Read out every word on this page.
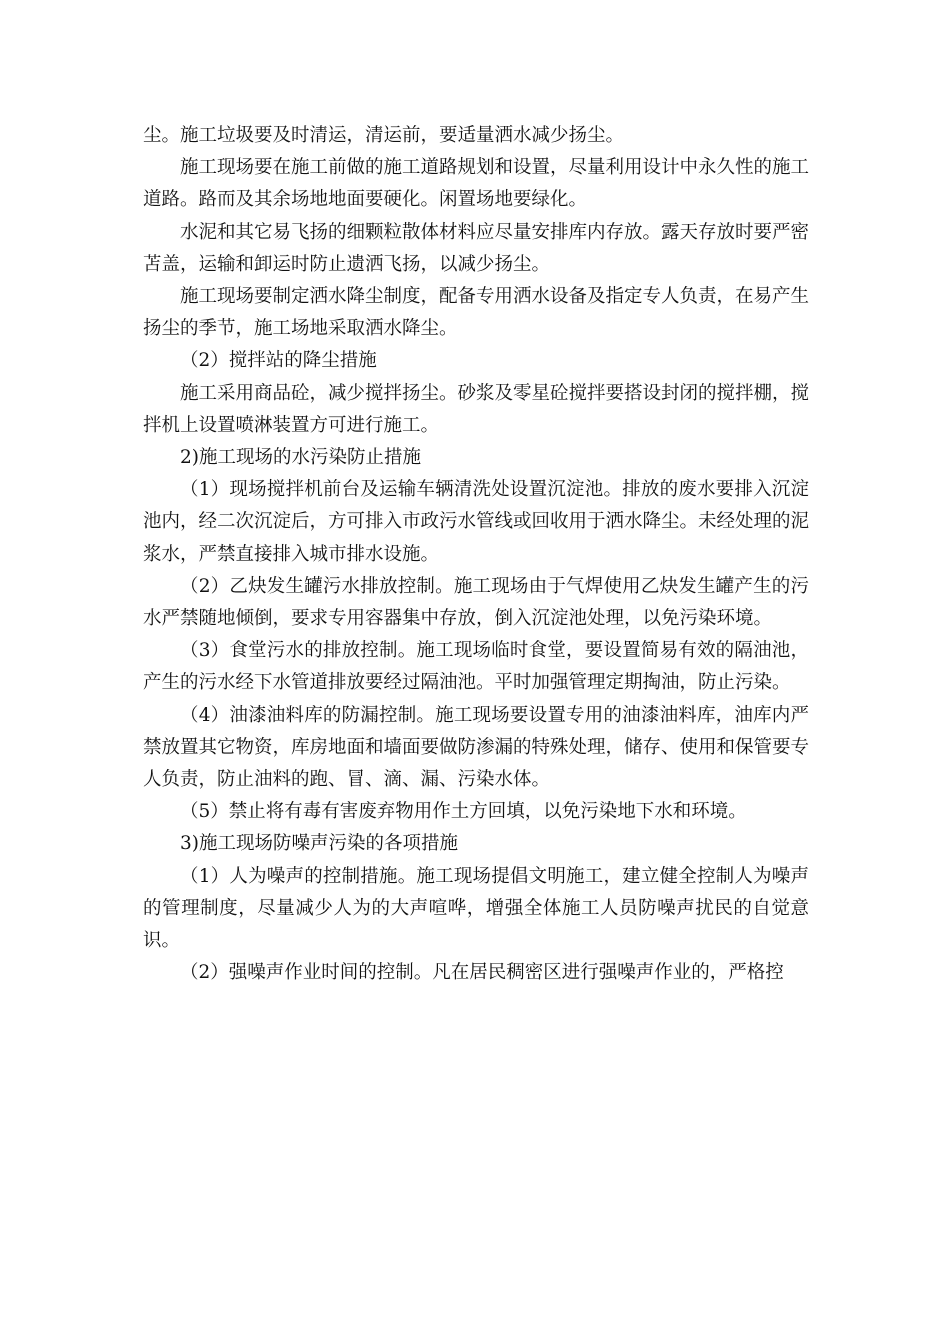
尘。施工垃圾要及时清运，清运前，要适量洒水减少扬尘。

施工现场要在施工前做的施工道路规划和设置，尽量利用设计中永久性的施工道路。路而及其余场地地面要硬化。闲置场地要绿化。

水泥和其它易飞扬的细颗粒散体材料应尽量安排库内存放。露天存放时要严密苫盖，运输和卸运时防止遗洒飞扬，以减少扬尘。

施工现场要制定洒水降尘制度，配备专用洒水设备及指定专人负责，在易产生扬尘的季节，施工场地采取洒水降尘。

（2）搅拌站的降尘措施

施工采用商品砼，减少搅拌扬尘。砂浆及零星砼搅拌要搭设封闭的搅拌棚，搅拌机上设置喷淋装置方可进行施工。

2)施工现场的水污染防止措施

（1）现场搅拌机前台及运输车辆清洗处设置沉淀池。排放的废水要排入沉淀池内，经二次沉淀后，方可排入市政污水管线或回收用于洒水降尘。未经处理的泥浆水，严禁直接排入城市排水设施。

（2）乙炔发生罐污水排放控制。施工现场由于气焊使用乙炔发生罐产生的污水严禁随地倾倒，要求专用容器集中存放，倒入沉淀池处理，以免污染环境。

（3）食堂污水的排放控制。施工现场临时食堂，要设置简易有效的隔油池，产生的污水经下水管道排放要经过隔油池。平时加强管理定期掏油，防止污染。

（4）油漆油料库的防漏控制。施工现场要设置专用的油漆油料库，油库内严禁放置其它物资，库房地面和墙面要做防渗漏的特殊处理，储存、使用和保管要专人负责，防止油料的跑、冒、滴、漏、污染水体。

（5）禁止将有毒有害废弃物用作土方回填，以免污染地下水和环境。

3)施工现场防噪声污染的各项措施

（1）人为噪声的控制措施。施工现场提倡文明施工，建立健全控制人为噪声的管理制度，尽量减少人为的大声喧哗，增强全体施工人员防噪声扰民的自觉意识。

（2）强噪声作业时间的控制。凡在居民稠密区进行强噪声作业的，严格控
